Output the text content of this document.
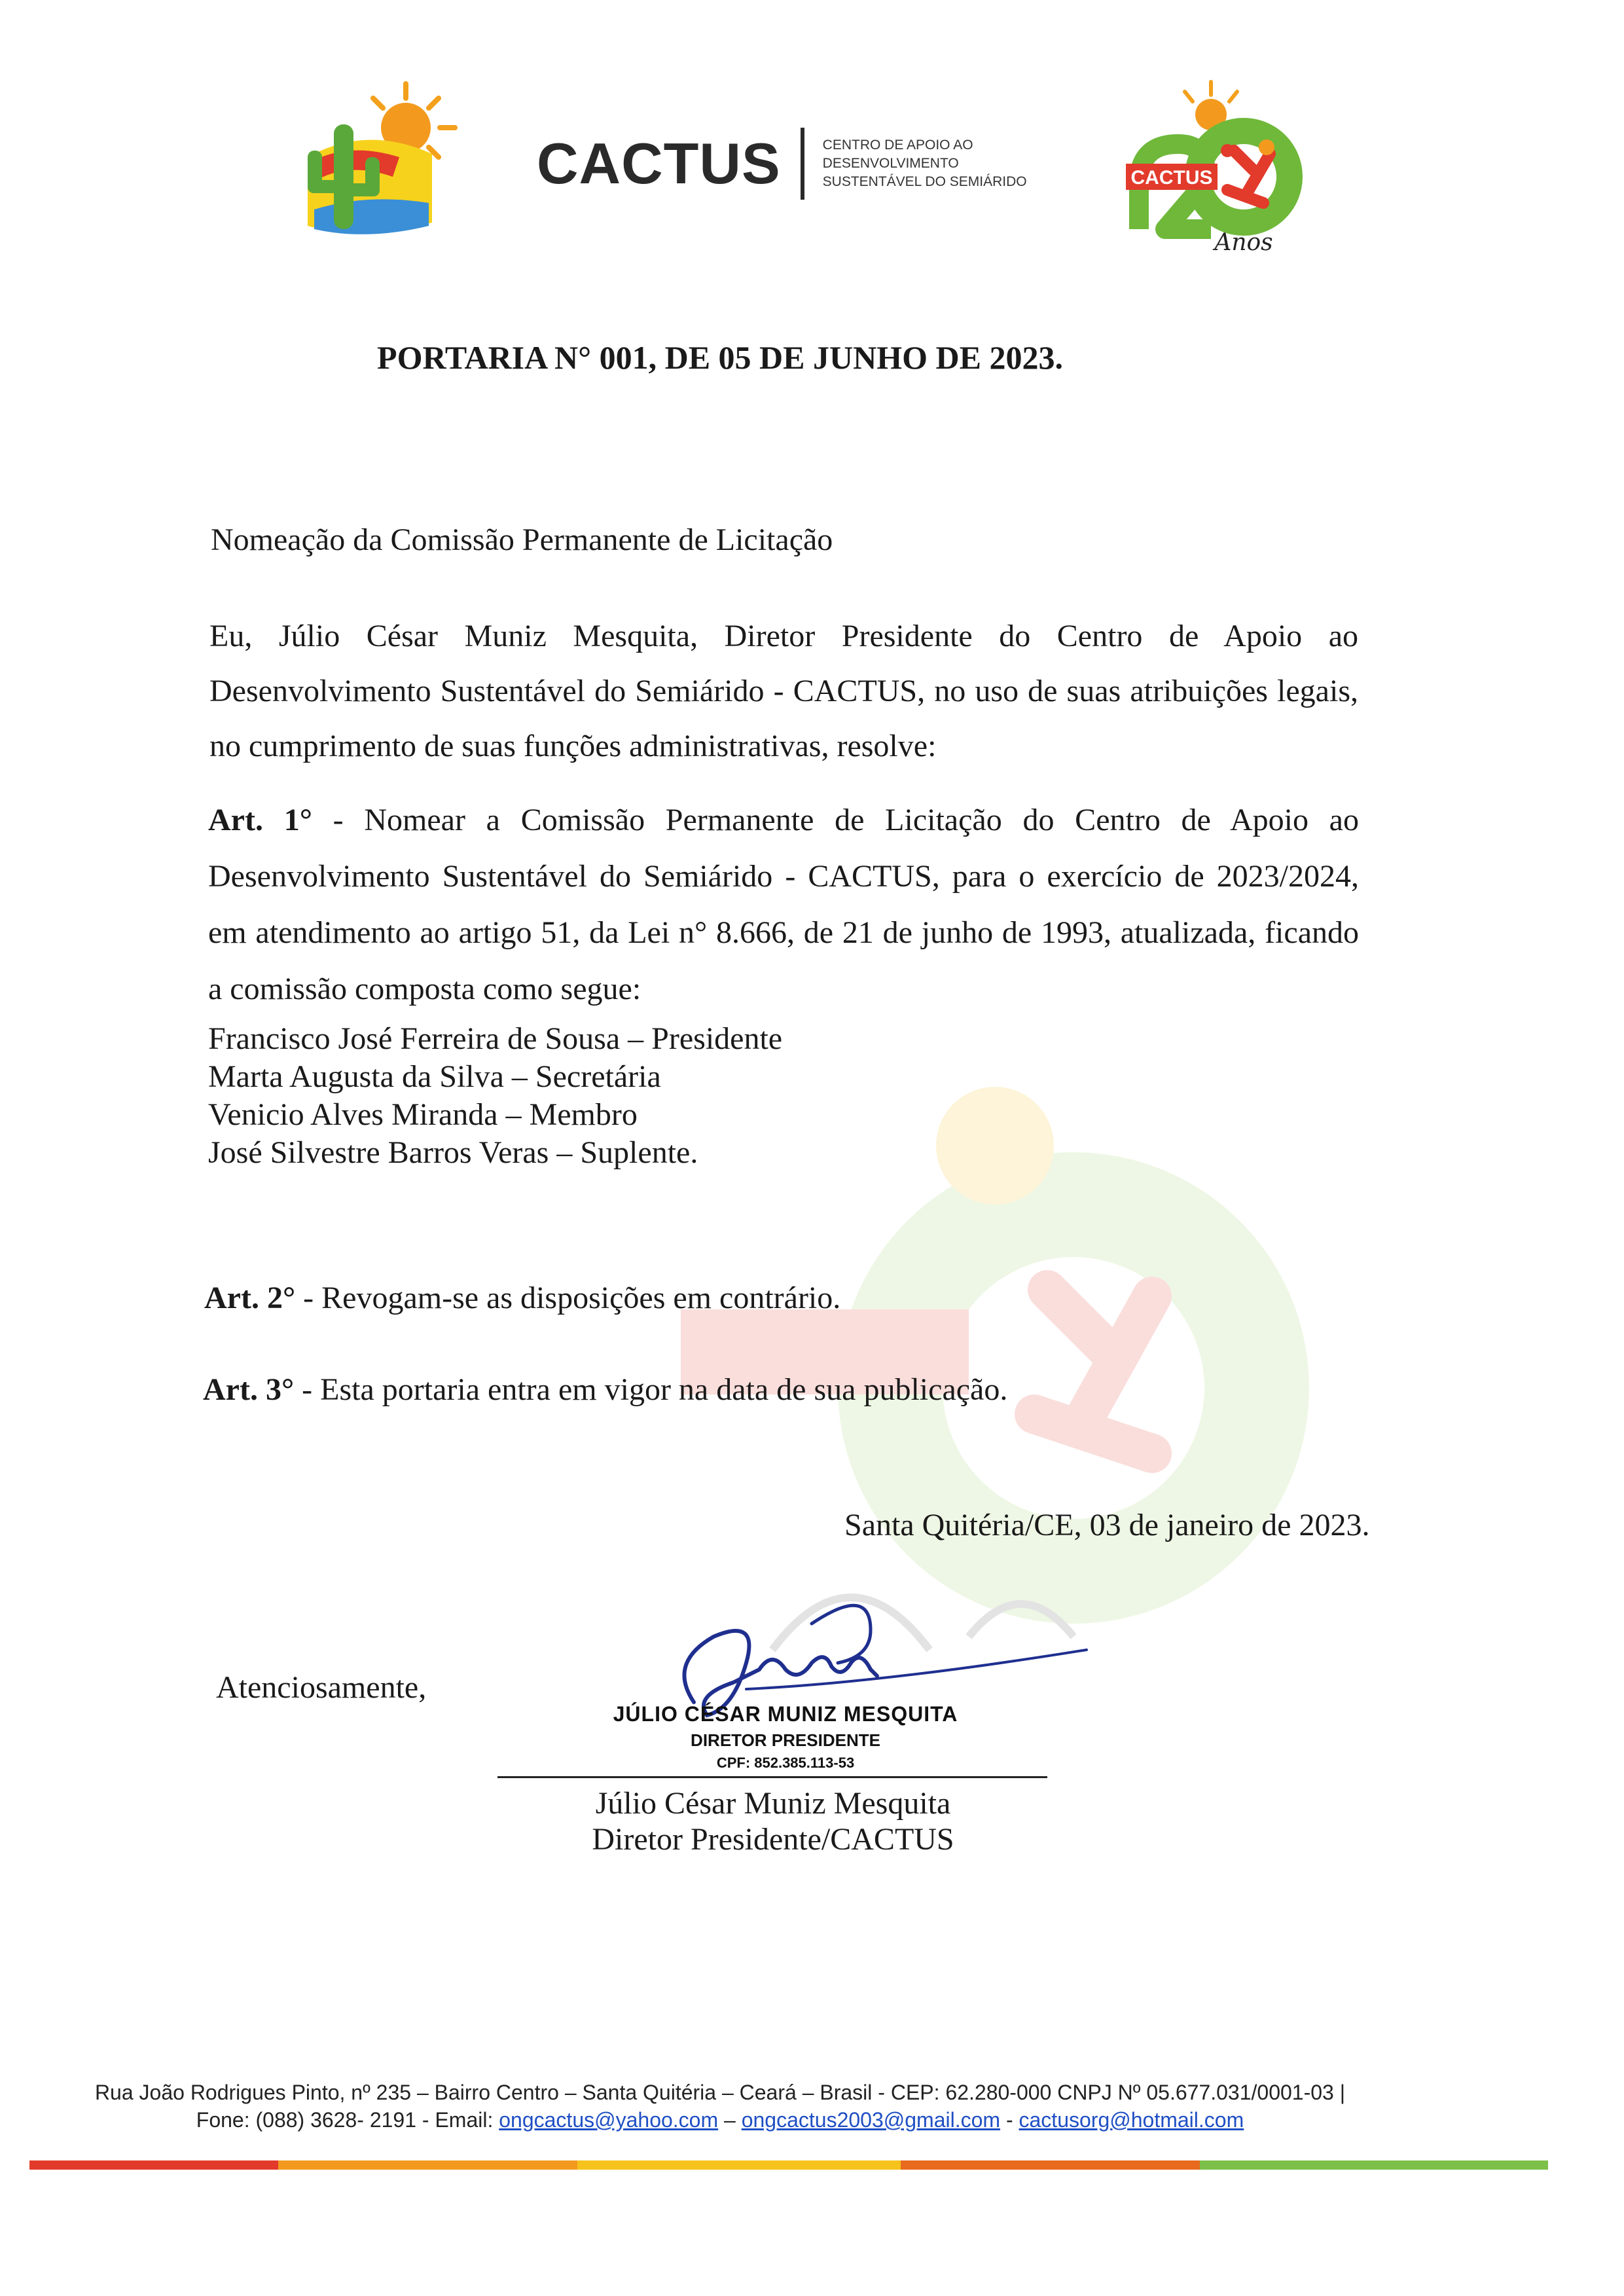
CACTUS	CENTRO DE APOIO AO
DESENVOLVIMENTO
SUSTENTÁVEL DO SEMIÁRIDO	CACTUS
Anos
PORTARIA N° 001, DE 05 DE JUNHO DE 2023.
Nomeação da Comissão Permanente de Licitação
Eu, Júlio César Muniz Mesquita, Diretor Presidente do Centro de Apoio ao Desenvolvimento Sustentável do Semiárido - CACTUS, no uso de suas atribuições legais, no cumprimento de suas funções administrativas, resolve:
Art. 1° - Nomear a Comissão Permanente de Licitação do Centro de Apoio ao Desenvolvimento Sustentável do Semiárido - CACTUS, para o exercício de 2023/2024, em atendimento ao artigo 51, da Lei n° 8.666, de 21 de junho de 1993, atualizada, ficando a comissão composta como segue:
Francisco José Ferreira de Sousa – Presidente
Marta Augusta da Silva – Secretária
Venicio Alves Miranda – Membro
José Silvestre Barros Veras – Suplente.
Art. 2° - Revogam-se as disposições em contrário.
Art. 3° - Esta portaria entra em vigor na data de sua publicação.
Santa Quitéria/CE, 03 de janeiro de 2023.
Atenciosamente,
JÚLIO CÉSAR MUNIZ MESQUITA
DIRETOR PRESIDENTE
CPF: 852.385.113-53
Júlio César Muniz Mesquita
Diretor Presidente/CACTUS
Rua João Rodrigues Pinto, nº 235 – Bairro Centro – Santa Quitéria – Ceará – Brasil - CEP: 62.280-000 CNPJ Nº 05.677.031/0001-03 |
Fone: (088) 3628- 2191 - Email: ongcactus@yahoo.com – ongcactus2003@gmail.com - cactusorg@hotmail.com
